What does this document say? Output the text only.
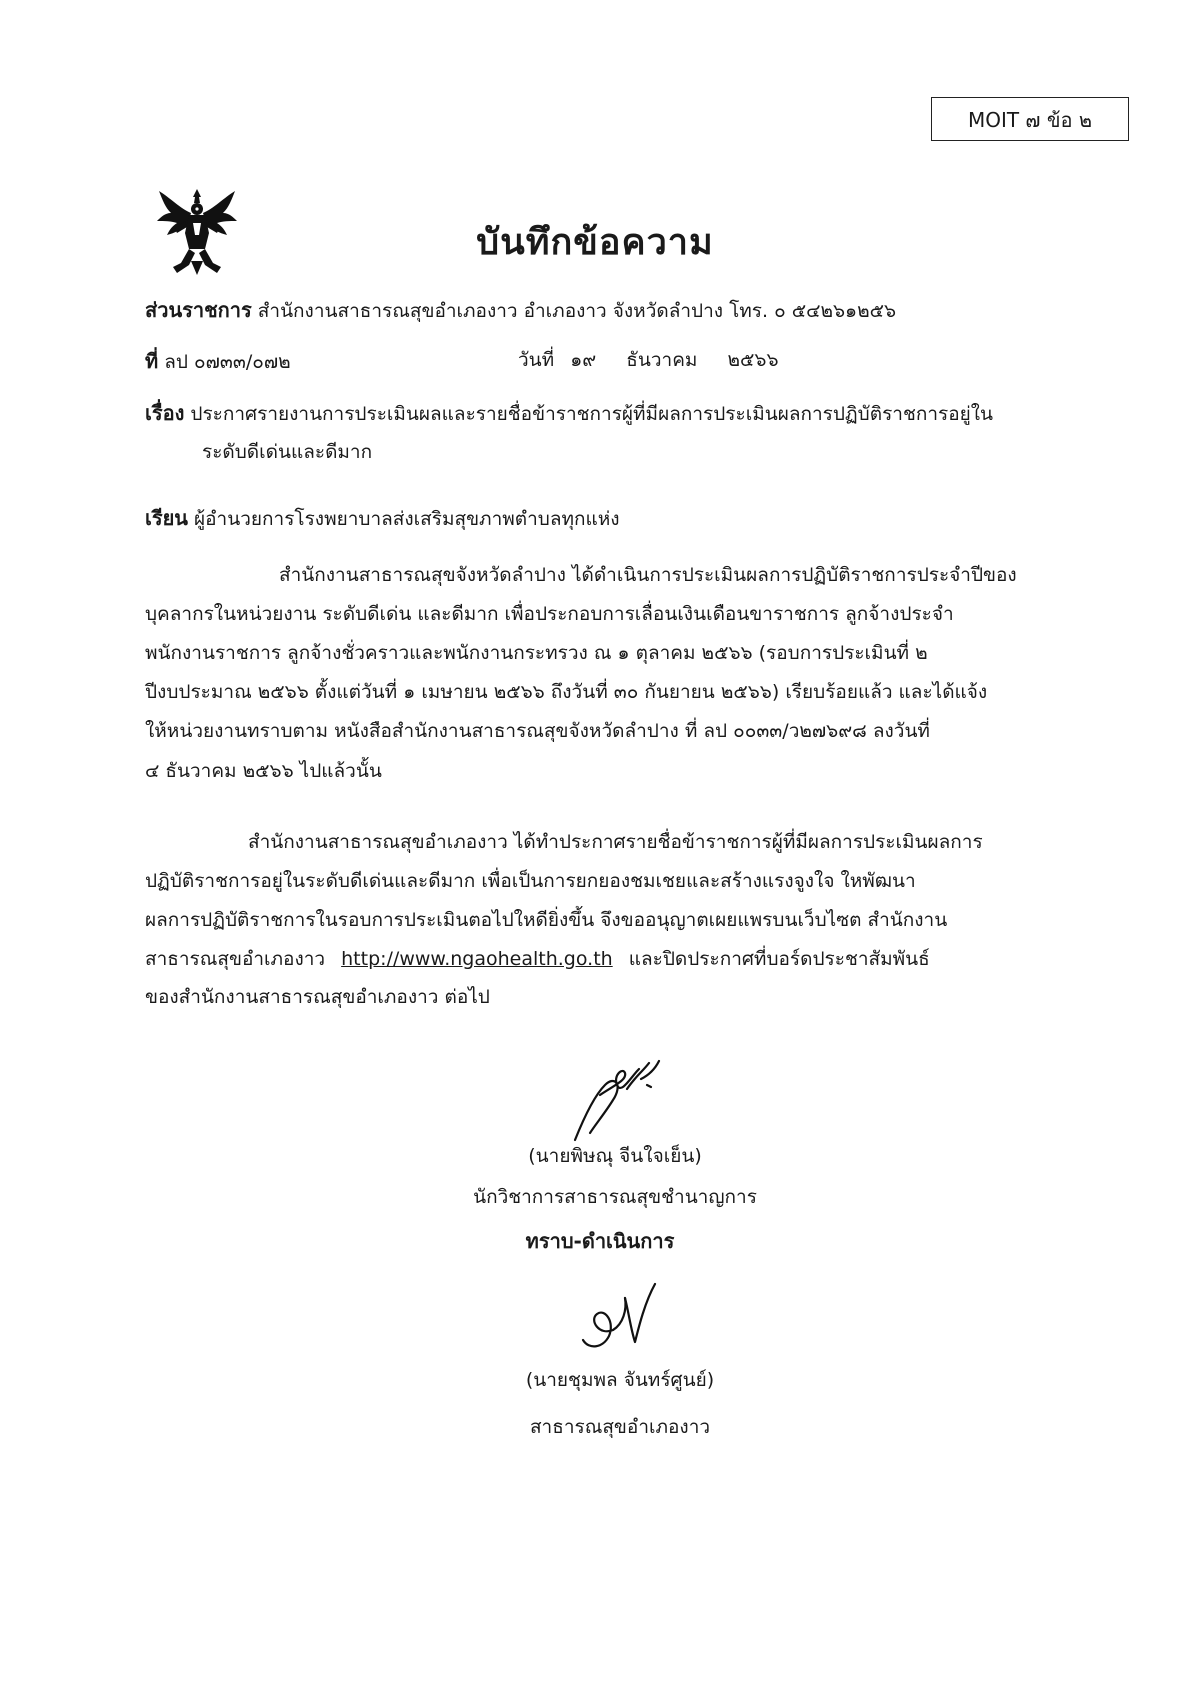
MOIT ๗ ข้อ ๒
บันทึกข้อความ
ส่วนราชการ สำนักงานสาธารณสุขอำเภองาว อำเภองาว จังหวัดลำปาง โทร. ๐ ๕๔๒๖๑๒๕๖
ที่ ลป ๐๗๓๓/๐๗๒	วันที่ ๑๙ ธันวาคม ๒๕๖๖
เรื่อง ประกาศรายงานการประเมินผลและรายชื่อข้าราชการผู้ที่มีผลการประเมินผลการปฏิบัติราชการอยู่ใน
ระดับดีเด่นและดีมาก
เรียน ผู้อำนวยการโรงพยาบาลส่งเสริมสุขภาพตำบลทุกแห่ง
สำนักงานสาธารณสุขจังหวัดลำปาง ได้ดำเนินการประเมินผลการปฏิบัติราชการประจำปีของ
บุคลากรในหน่วยงาน ระดับดีเด่น และดีมาก เพื่อประกอบการเลื่อนเงินเดือนขาราชการ ลูกจ้างประจำ
พนักงานราชการ ลูกจ้างชั่วคราวและพนักงานกระทรวง ณ ๑ ตุลาคม ๒๕๖๖ (รอบการประเมินที่ ๒
ปีงบประมาณ ๒๕๖๖ ตั้งแต่วันที่ ๑ เมษายน ๒๕๖๖ ถึงวันที่ ๓๐ กันยายน ๒๕๖๖) เรียบร้อยแล้ว และได้แจ้ง
ให้หน่วยงานทราบตาม หนังสือสำนักงานสาธารณสุขจังหวัดลำปาง ที่ ลป ๐๐๓๓/ว๒๗๖๙๘ ลงวันที่
๔ ธันวาคม ๒๕๖๖ ไปแล้วนั้น
สำนักงานสาธารณสุขอำเภองาว ได้ทำประกาศรายชื่อข้าราชการผู้ที่มีผลการประเมินผลการ
ปฏิบัติราชการอยู่ในระดับดีเด่นและดีมาก เพื่อเป็นการยกยองชมเชยและสร้างแรงจูงใจ ใหพัฒนา
ผลการปฏิบัติราชการในรอบการประเมินตอไปใหดียิ่งขึ้น จึงขออนุญาตเผยแพรบนเว็บไซต สำนักงาน
สาธารณสุขอำเภองาว http://www.ngaohealth.go.th และปิดประกาศที่บอร์ดประชาสัมพันธ์
ของสำนักงานสาธารณสุขอำเภองาว ต่อไป
(นายพิษณุ จีนใจเย็น)
นักวิชาการสาธารณสุขชำนาญการ
ทราบ-ดำเนินการ
(นายชุมพล จันทร์ศูนย์)
สาธารณสุขอำเภองาว
